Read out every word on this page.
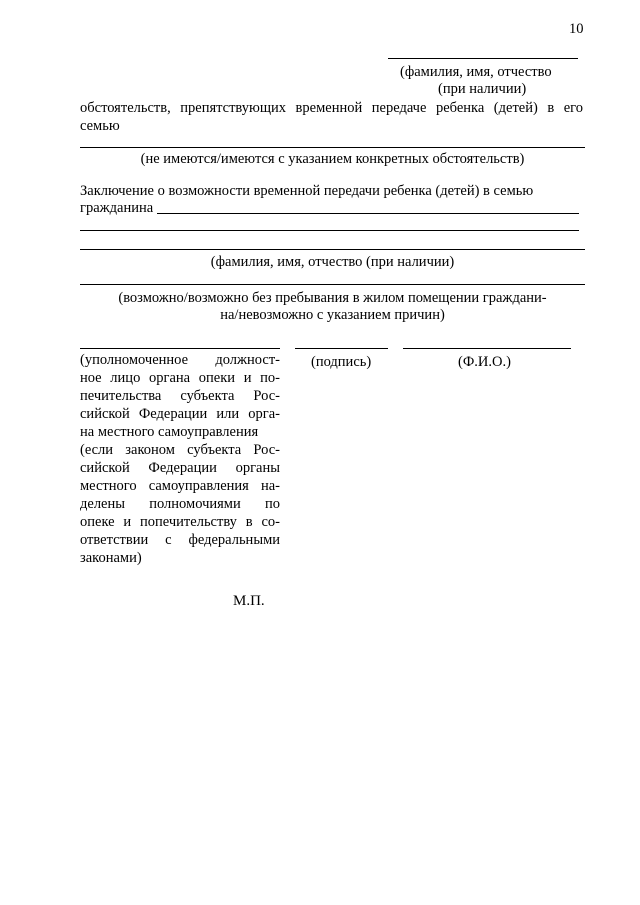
10
(фамилия, имя, отчество
(при наличии)
обстоятельств, препятствующих временной передаче ребенка (детей) в его
семью
(не имеются/имеются с указанием конкретных обстоятельств)
Заключение о возможности временной передачи ребенка (детей) в семью
гражданина
(фамилия, имя, отчество (при наличии)
(возможно/возможно без пребывания в жилом помещении граждани-
на/невозможно с указанием причин)
(уполномоченное должност-
ное лицо органа опеки и по-
печительства субъекта Рос-
сийской Федерации или орга-
на местного самоуправления
(если законом субъекта Рос-
сийской Федерации органы
местного самоуправления на-
делены полномочиями по
опеке и попечительству в со-
ответствии с федеральными
законами)
(подпись)	(Ф.И.О.)
М.П.
